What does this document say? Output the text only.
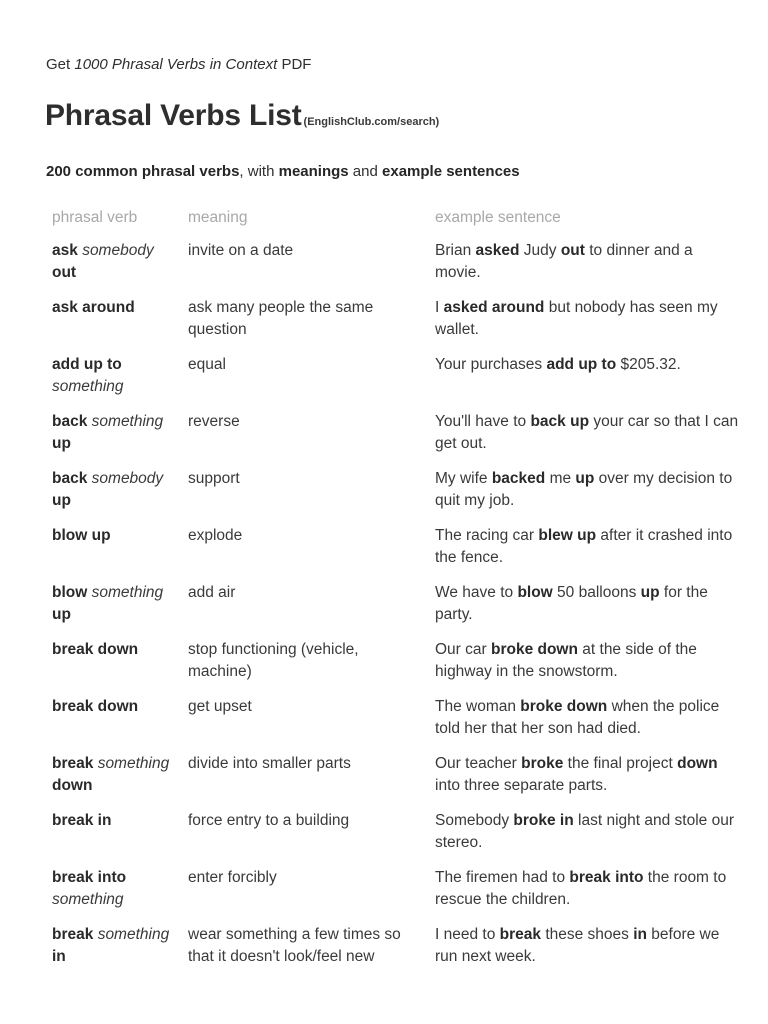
Get 1000 Phrasal Verbs in Context PDF
Phrasal Verbs List (EnglishClub.com/search)
200 common phrasal verbs, with meanings and example sentences
phrasal verb	meaning	example sentence
ask somebody out	invite on a date	Brian asked Judy out to dinner and a movie.
ask around	ask many people the same question	I asked around but nobody has seen my wallet.
add up to something	equal	Your purchases add up to $205.32.
back something up	reverse	You'll have to back up your car so that I can get out.
back somebody up	support	My wife backed me up over my decision to quit my job.
blow up	explode	The racing car blew up after it crashed into the fence.
blow something up	add air	We have to blow 50 balloons up for the party.
break down	stop functioning (vehicle, machine)	Our car broke down at the side of the highway in the snowstorm.
break down	get upset	The woman broke down when the police told her that her son had died.
break something down	divide into smaller parts	Our teacher broke the final project down into three separate parts.
break in	force entry to a building	Somebody broke in last night and stole our stereo.
break into something	enter forcibly	The firemen had to break into the room to rescue the children.
break something in	wear something a few times so that it doesn't look/feel new	I need to break these shoes in before we run next week.
